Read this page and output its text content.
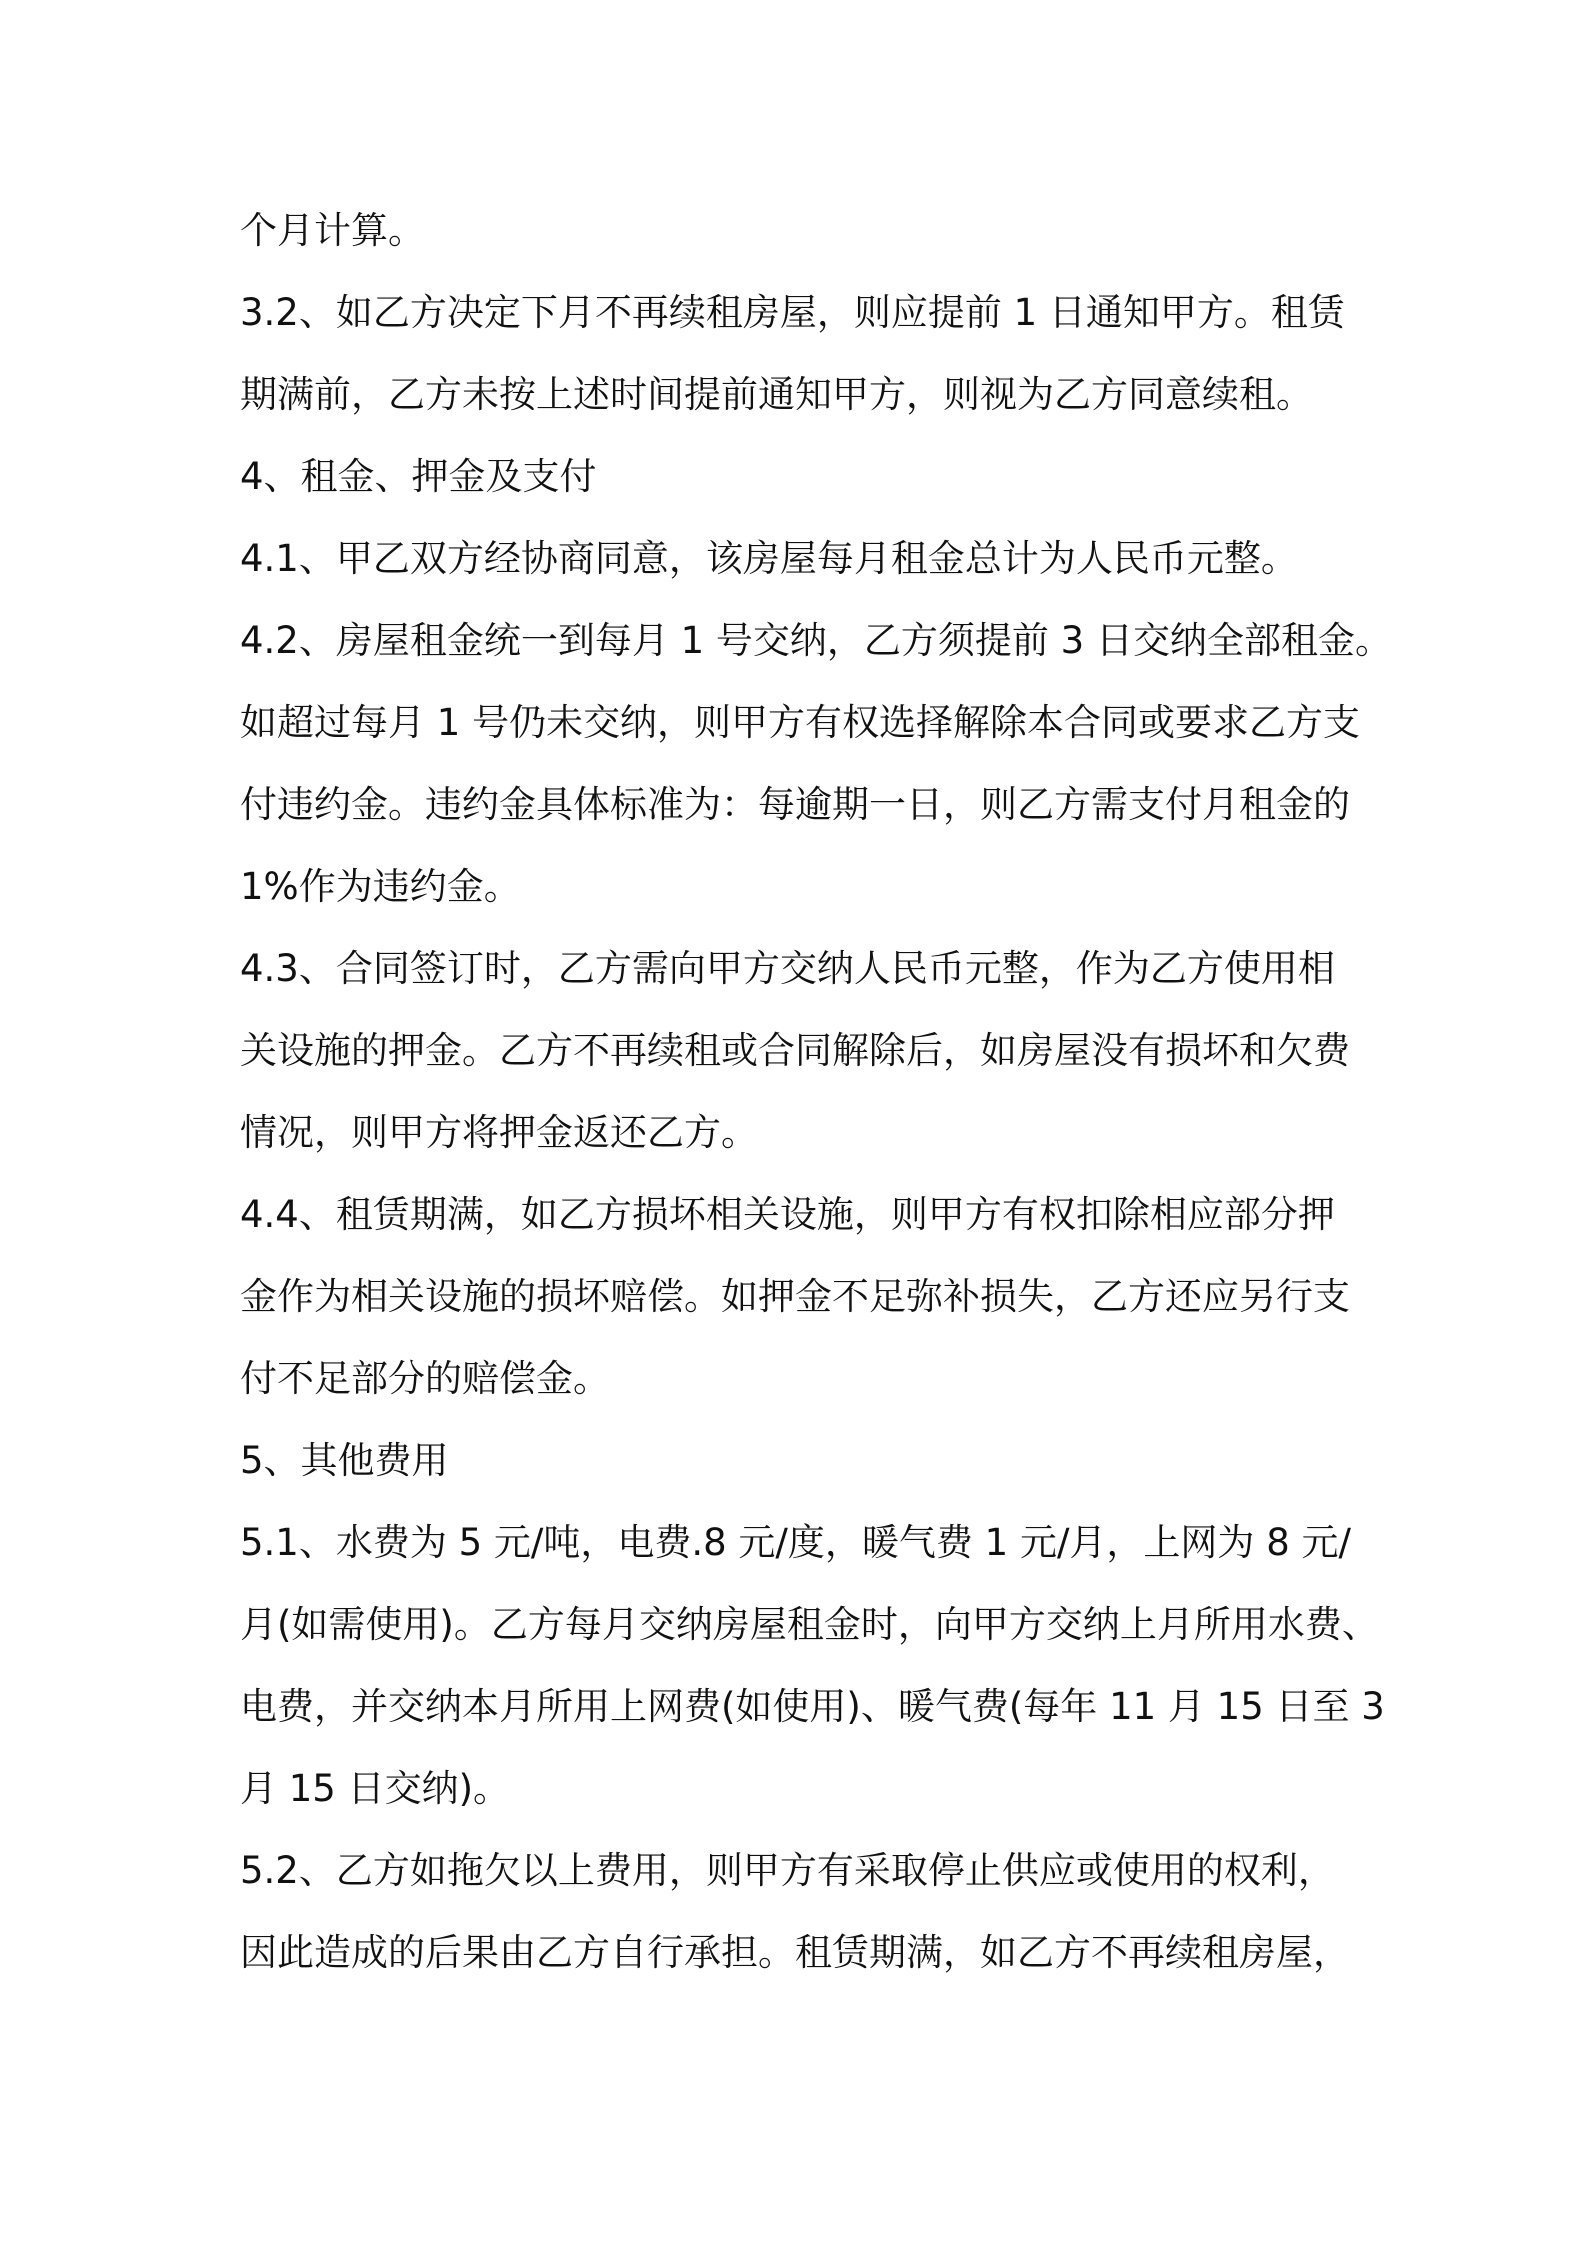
个月计算。
3.2、如乙方决定下月不再续租房屋，则应提前 1 日通知甲方。租赁
期满前，乙方未按上述时间提前通知甲方，则视为乙方同意续租。
4、租金、押金及支付
4.1、甲乙双方经协商同意，该房屋每月租金总计为人民币元整。
4.2、房屋租金统一到每月 1 号交纳，乙方须提前 3 日交纳全部租金。
如超过每月 1 号仍未交纳，则甲方有权选择解除本合同或要求乙方支
付违约金。违约金具体标准为：每逾期一日，则乙方需支付月租金的
1%作为违约金。
4.3、合同签订时，乙方需向甲方交纳人民币元整，作为乙方使用相
关设施的押金。乙方不再续租或合同解除后，如房屋没有损坏和欠费
情况，则甲方将押金返还乙方。
4.4、租赁期满，如乙方损坏相关设施，则甲方有权扣除相应部分押
金作为相关设施的损坏赔偿。如押金不足弥补损失，乙方还应另行支
付不足部分的赔偿金。
5、其他费用
5.1、水费为 5 元/吨，电费.8 元/度，暖气费 1 元/月，上网为 8 元/
月(如需使用)。乙方每月交纳房屋租金时，向甲方交纳上月所用水费、
电费，并交纳本月所用上网费(如使用)、暖气费(每年 11 月 15 日至 3
月 15 日交纳)。
5.2、乙方如拖欠以上费用，则甲方有采取停止供应或使用的权利，
因此造成的后果由乙方自行承担。租赁期满，如乙方不再续租房屋，
